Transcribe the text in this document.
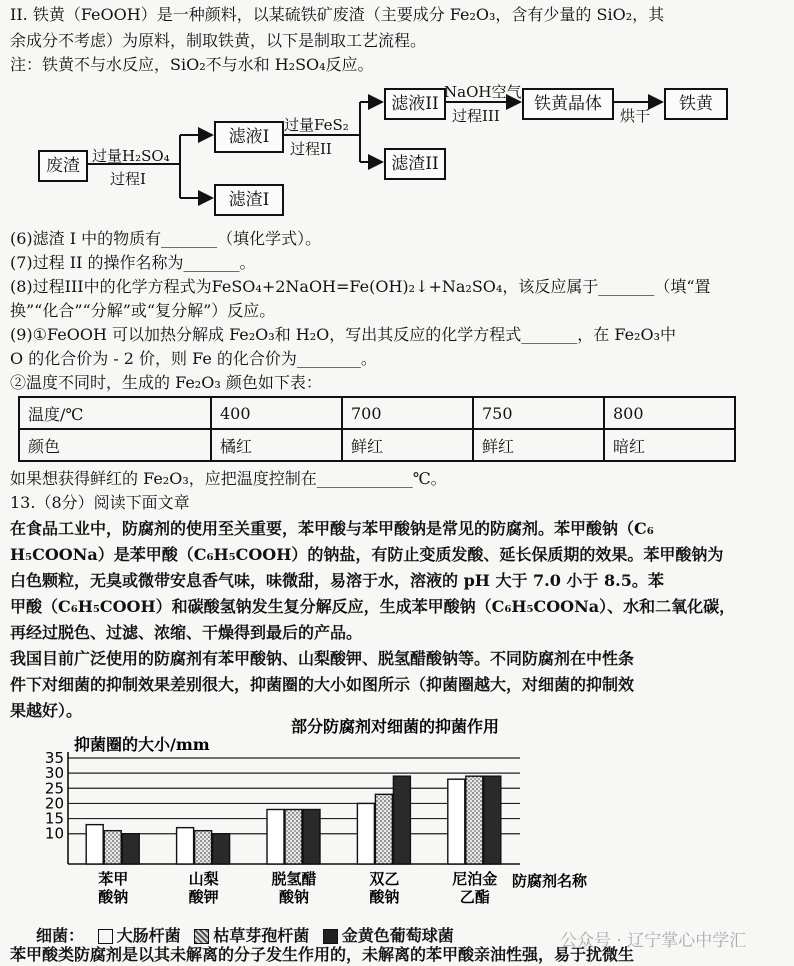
II. 铁黄（FeOOH）是一种颜料，以某硫铁矿废渣（主要成分 Fe₂O₃，含有少量的 SiO₂，其
余成分不考虑）为原料，制取铁黄，以下是制取工艺流程。
注：铁黄不与水反应，SiO₂不与水和 H₂SO₄反应。
废渣
滤液I
滤渣I
滤液II
滤渣II
铁黄晶体	铁黄
过量H₂SO₄
过程I
过量FeS₂
过程II
NaOH空气
过程III	烘干
(6)滤渣 I 中的物质有_______（填化学式）。
(7)过程 II 的操作名称为_______。
(8)过程III中的化学方程式为FeSO₄+2NaOH=Fe(OH)₂↓+Na₂SO₄，该反应属于_______（填“置
换”“化合”“分解”或“复分解”）反应。
(9)①FeOOH 可以加热分解成 Fe₂O₃和 H₂O，写出其反应的化学方程式_______，在 Fe₂O₃中
O 的化合价为 - 2 价，则 Fe 的化合价为________。
②温度不同时，生成的 Fe₂O₃ 颜色如下表：
温度/℃	400	700	750	800
颜色	橘红	鲜红	鲜红	暗红
如果想获得鲜红的 Fe₂O₃，应把温度控制在____________℃。
13.（8分）阅读下面文章
在食品工业中，防腐剂的使用至关重要，苯甲酸与苯甲酸钠是常见的防腐剂。苯甲酸钠（C₆
H₅COONa）是苯甲酸（C₆H₅COOH）的钠盐，有防止变质发酸、延长保质期的效果。苯甲酸钠为
白色颗粒，无臭或微带安息香气味，味微甜，易溶于水，溶液的 pH 大于 7.0 小于 8.5。苯
甲酸（C₆H₅COOH）和碳酸氢钠发生复分解反应，生成苯甲酸钠（C₆H₅COONa）、水和二氧化碳，
再经过脱色、过滤、浓缩、干燥得到最后的产品。
我国目前广泛使用的防腐剂有苯甲酸钠、山梨酸钾、脱氢醋酸钠等。不同防腐剂在中性条
件下对细菌的抑制效果差别很大，抑菌圈的大小如图所示（抑菌圈越大，对细菌的抑制效
果越好）。
部分防腐剂对细菌的抑菌作用
抑菌圈的大小/mm
10
15
20
25
30
35
苯甲
酸钠
山梨
酸钾
脱氢醋
酸钠
双乙
酸钠
尼泊金
乙酯
防腐剂名称
细菌： 大肠杆菌 枯草芽孢杆菌 金黄色葡萄球菌
苯甲酸类防腐剂是以其未解离的分子发生作用的，未解离的苯甲酸亲油性强，易于扰微生
公众号 · 辽宁掌心中学汇
